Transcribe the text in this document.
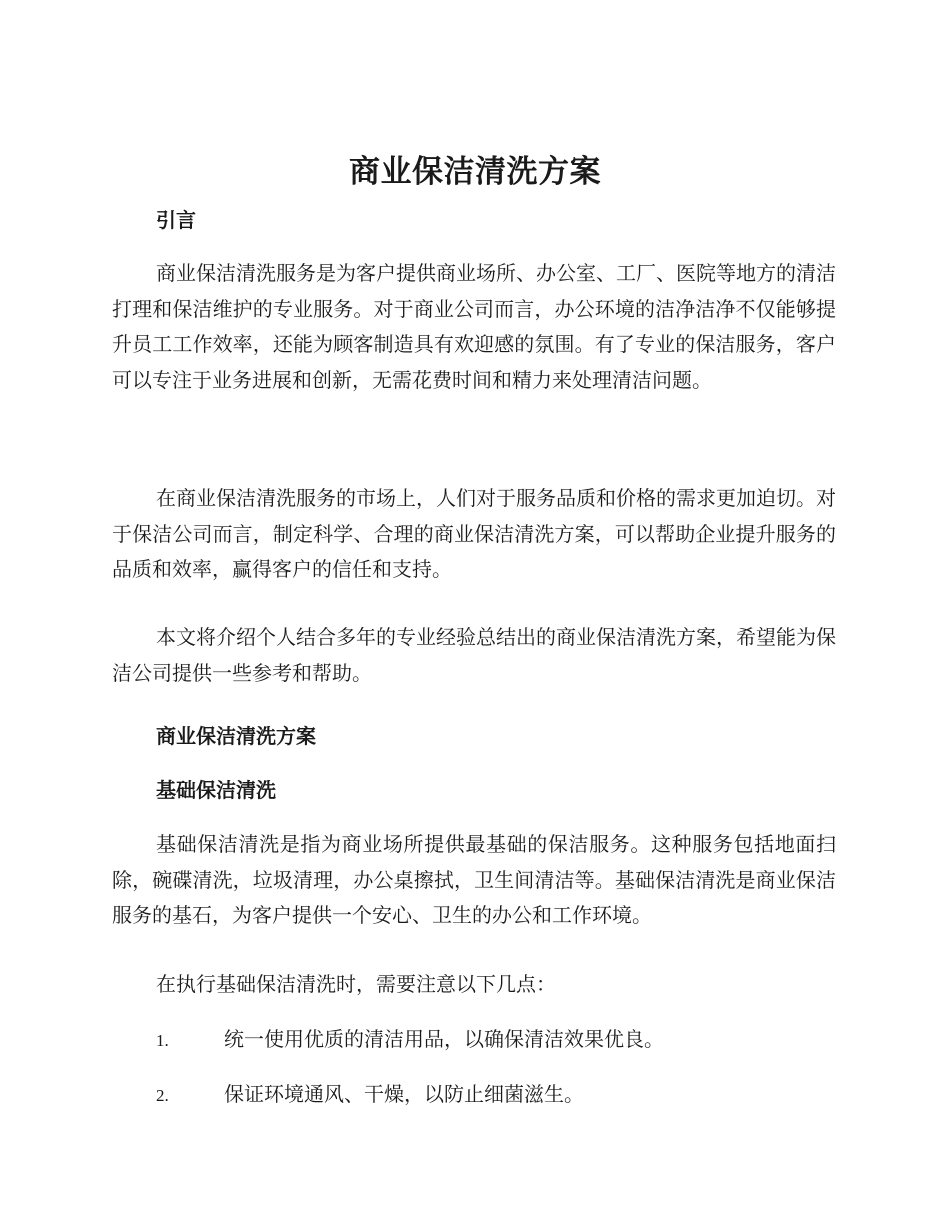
商业保洁清洗方案
引言

商业保洁清洗服务是为客户提供商业场所、办公室、工厂、医院等地方的清洁打理和保洁维护的专业服务。对于商业公司而言，办公环境的洁净洁净不仅能够提升员工工作效率，还能为顾客制造具有欢迎感的氛围。有了专业的保洁服务，客户可以专注于业务进展和创新，无需花费时间和精力来处理清洁问题。

在商业保洁清洗服务的市场上，人们对于服务品质和价格的需求更加迫切。对于保洁公司而言，制定科学、合理的商业保洁清洗方案，可以帮助企业提升服务的品质和效率，赢得客户的信任和支持。

本文将介绍个人结合多年的专业经验总结出的商业保洁清洗方案，希望能为保洁公司提供一些参考和帮助。

商业保洁清洗方案
基础保洁清洗

基础保洁清洗是指为商业场所提供最基础的保洁服务。这种服务包括地面扫除，碗碟清洗，垃圾清理，办公桌擦拭，卫生间清洁等。基础保洁清洗是商业保洁服务的基石，为客户提供一个安心、卫生的办公和工作环境。

在执行基础保洁清洗时，需要注意以下几点：

1.	统一使用优质的清洁用品，以确保清洁效果优良。
2.	保证环境通风、干燥，以防止细菌滋生。
